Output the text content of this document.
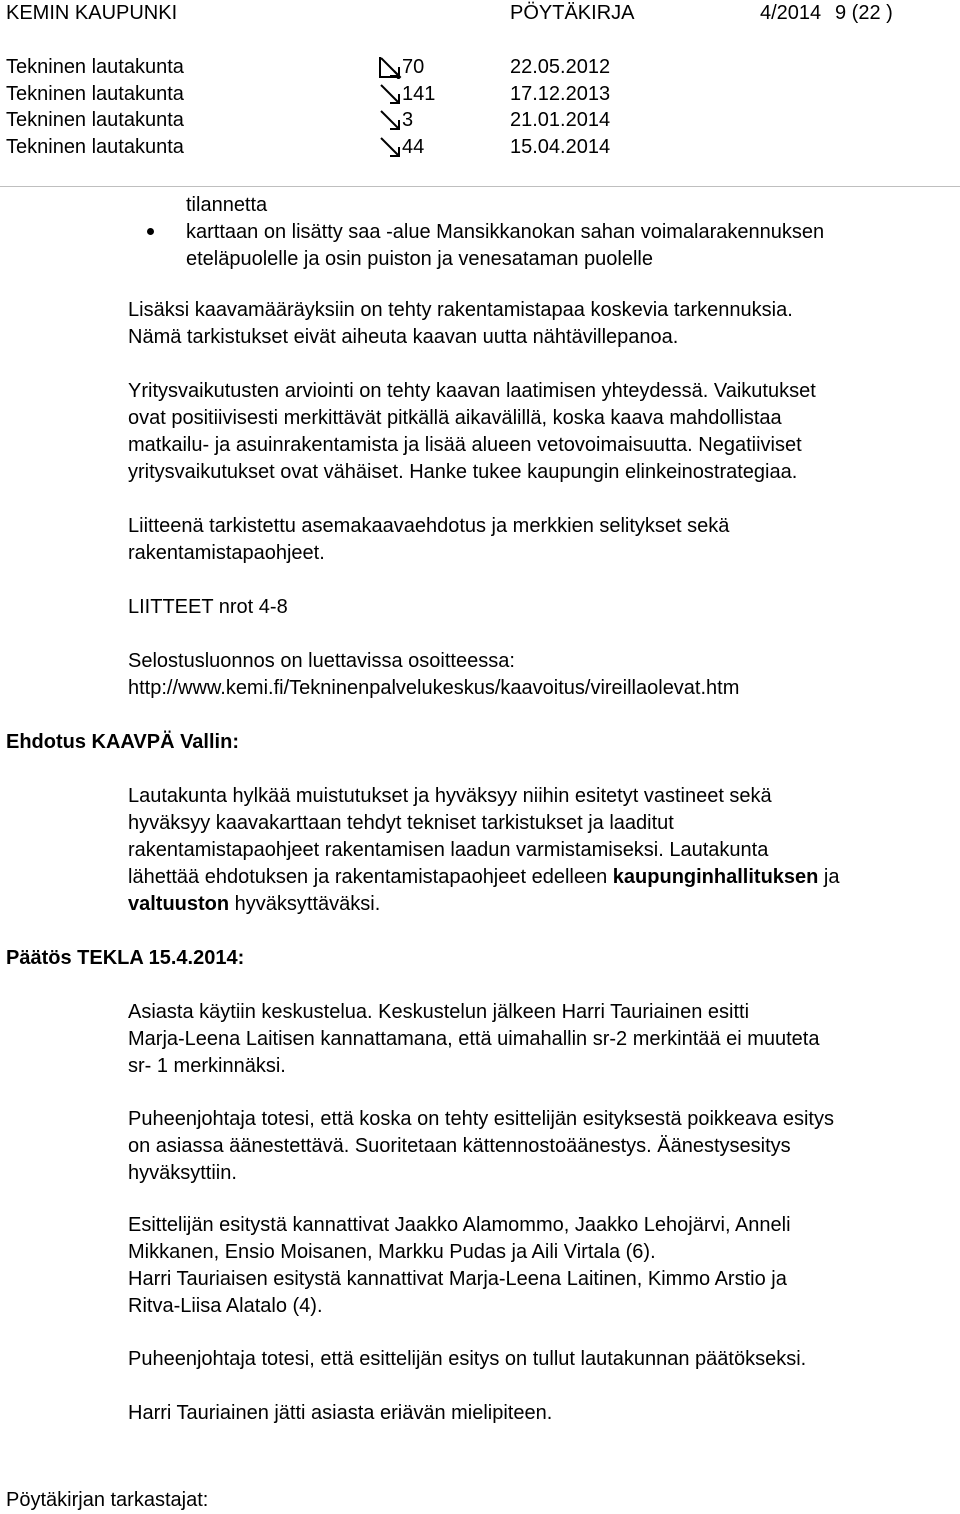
KEMIN KAUPUNKI	PÖYTÄKIRJA	4/2014 9 (22 )
Tekninen lautakunta	70	22.05.2012
Tekninen lautakunta	141	17.12.2013
Tekninen lautakunta	3	21.01.2014
Tekninen lautakunta	44	15.04.2014
tilannetta
karttaan on lisätty saa -alue Mansikkanokan sahan voimalarakennuksen
eteläpuolelle ja osin puiston ja venesataman puolelle
Lisäksi kaavamääräyksiin on tehty rakentamistapaa koskevia tarkennuksia.
Nämä tarkistukset eivät aiheuta kaavan uutta nähtävillepanoa.
Yritysvaikutusten arviointi on tehty kaavan laatimisen yhteydessä. Vaikutukset
ovat positiivisesti merkittävät pitkällä aikavälillä, koska kaava mahdollistaa
matkailu- ja asuinrakentamista ja lisää alueen vetovoimaisuutta. Negatiiviset
yritysvaikutukset ovat vähäiset. Hanke tukee kaupungin elinkeinostrategiaa.
Liitteenä tarkistettu asemakaavaehdotus ja merkkien selitykset sekä
rakentamistapaohjeet.
LIITTEET nrot 4-8
Selostusluonnos on luettavissa osoitteessa:
http://www.kemi.fi/Tekninenpalvelukeskus/kaavoitus/vireillaolevat.htm
Ehdotus KAAVPÄ Vallin:
Lautakunta hylkää muistutukset ja hyväksyy niihin esitetyt vastineet sekä
hyväksyy kaavakarttaan tehdyt tekniset tarkistukset ja laaditut
rakentamistapaohjeet rakentamisen laadun varmistamiseksi. Lautakunta
lähettää ehdotuksen ja rakentamistapaohjeet edelleen kaupunginhallituksen ja
valtuuston hyväksyttäväksi.
Päätös TEKLA 15.4.2014:
Asiasta käytiin keskustelua. Keskustelun jälkeen Harri Tauriainen esitti
Marja-Leena Laitisen kannattamana, että uimahallin sr-2 merkintää ei muuteta
sr- 1 merkinnäksi.
Puheenjohtaja totesi, että koska on tehty esittelijän esityksestä poikkeava esitys
on asiassa äänestettävä. Suoritetaan kättennostoäänestys. Äänestysesitys
hyväksyttiin.
Esittelijän esitystä kannattivat Jaakko Alamommo, Jaakko Lehojärvi, Anneli
Mikkanen, Ensio Moisanen, Markku Pudas ja Aili Virtala (6).
Harri Tauriaisen esitystä kannattivat Marja-Leena Laitinen, Kimmo Arstio ja
Ritva-Liisa Alatalo (4).
Puheenjohtaja totesi, että esittelijän esitys on tullut lautakunnan päätökseksi.
Harri Tauriainen jätti asiasta eriävän mielipiteen.
Pöytäkirjan tarkastajat:
